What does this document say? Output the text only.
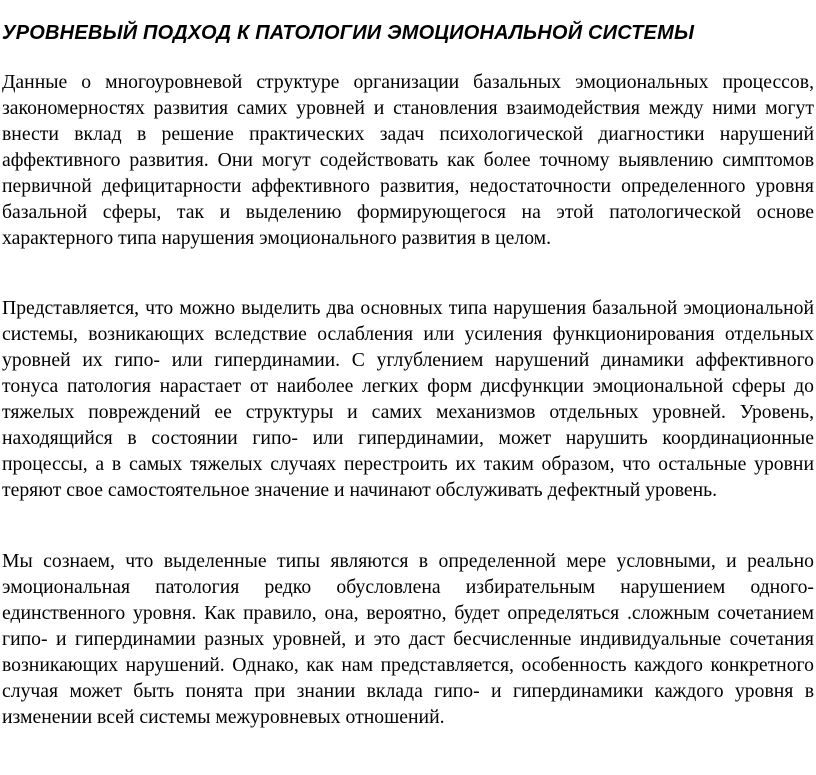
УРОВНЕВЫЙ ПОДХОД К ПАТОЛОГИИ ЭМОЦИОНАЛЬНОЙ СИСТЕМЫ

Данные о многоуровневой структуре организации базальных эмоциональных процессов, закономерностях развития самих уровней и становления взаимодействия между ними могут внести вклад в решение практических задач психологической диагностики нарушений аффективного развития. Они могут содействовать как более точному выявлению симптомов первичной дефицитарности аффективного развития, недостаточности определенного уровня базальной сферы, так и выделению формирующегося на этой патологической основе характерного типа нарушения эмоционального развития в целом.

Представляется, что можно выделить два основных типа нарушения базальной эмоциональной системы, возникающих вследствие ослабления или усиления функционирования отдельных уровней их гипо- или гипердинамии. С углублением нарушений динамики аффективного тонуса патология нарастает от наиболее легких форм дисфункции эмоциональной сферы до тяжелых повреждений ее структуры и самих механизмов отдельных уровней. Уровень, находящийся в состоянии гипо- или гипердинамии, может нарушить координационные процессы, а в самых тяжелых случаях перестроить их таким образом, что остальные уровни теряют свое самостоятельное значение и начинают обслуживать дефектный уровень.

Мы сознаем, что выделенные типы являются в определенной мере условными, и реально эмоциональная патология редко обусловлена избирательным нарушением одного-единственного уровня. Как правило, она, вероятно, будет определяться .сложным сочетанием гипо- и гипердинамии разных уровней, и это даст бесчисленные индивидуальные сочетания возникающих нарушений. Однако, как нам представляется, особенность каждого конкретного случая может быть понята при знании вклада гипо- и гипердинамики каждого уровня в изменении всей системы межуровневых отношений.
